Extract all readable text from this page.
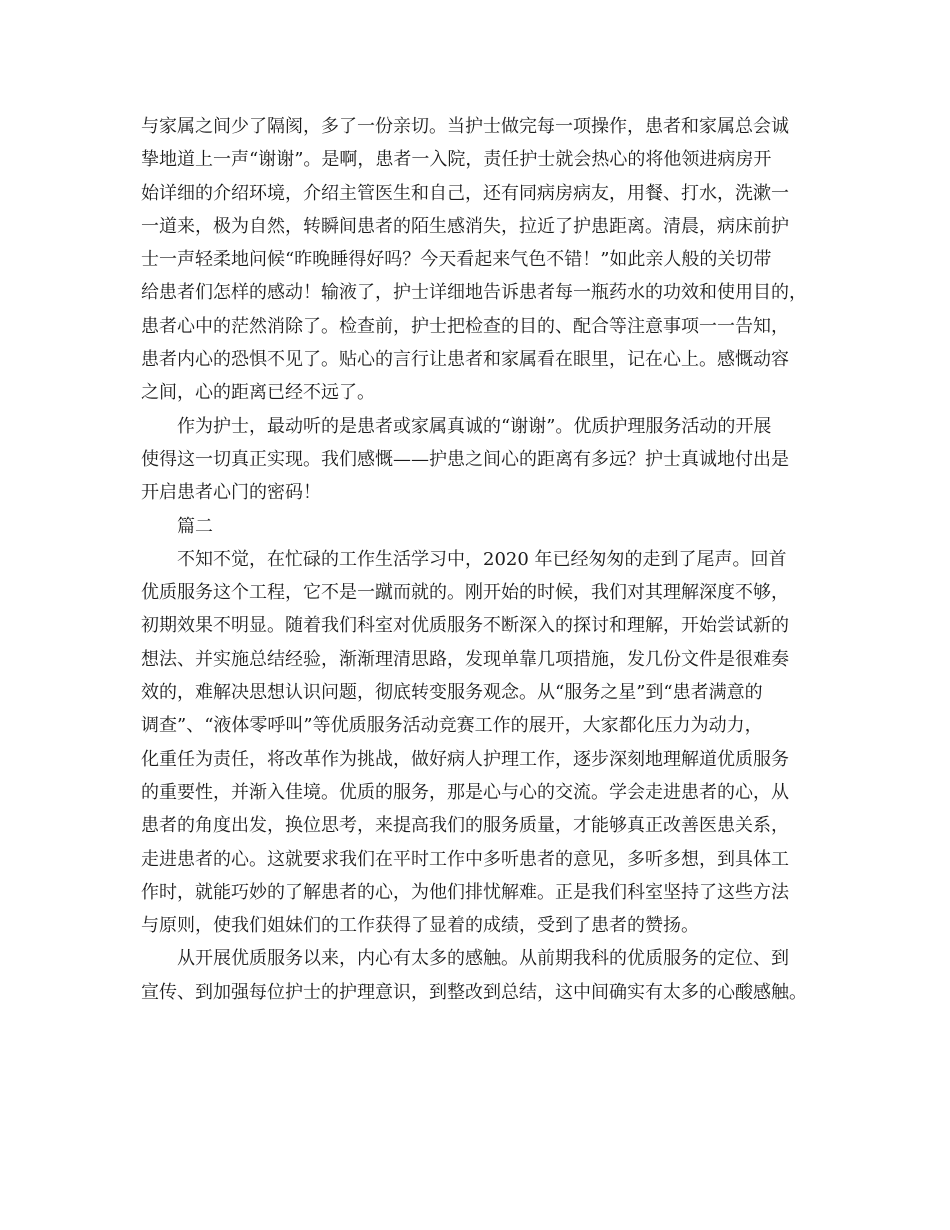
与家属之间少了隔阂，多了一份亲切。当护士做完每一项操作，患者和家属总会诚
挚地道上一声“谢谢”。是啊，患者一入院，责任护士就会热心的将他领进病房开
始详细的介绍环境，介绍主管医生和自己，还有同病房病友，用餐、打水，洗漱一
一道来，极为自然，转瞬间患者的陌生感消失，拉近了护患距离。清晨，病床前护
士一声轻柔地问候“昨晚睡得好吗？今天看起来气色不错！”如此亲人般的关切带
给患者们怎样的感动！输液了，护士详细地告诉患者每一瓶药水的功效和使用目的，
患者心中的茫然消除了。检查前，护士把检查的目的、配合等注意事项一一告知，
患者内心的恐惧不见了。贴心的言行让患者和家属看在眼里，记在心上。感慨动容
之间，心的距离已经不远了。
作为护士，最动听的是患者或家属真诚的“谢谢”。优质护理服务活动的开展
使得这一切真正实现。我们感慨——护患之间心的距离有多远？护士真诚地付出是
开启患者心门的密码！
篇二
不知不觉，在忙碌的工作生活学习中，2020 年已经匆匆的走到了尾声。回首
优质服务这个工程，它不是一蹴而就的。刚开始的时候，我们对其理解深度不够，
初期效果不明显。随着我们科室对优质服务不断深入的探讨和理解，开始尝试新的
想法、并实施总结经验，渐渐理清思路，发现单靠几项措施，发几份文件是很难奏
效的，难解决思想认识问题，彻底转变服务观念。从“服务之星”到“患者满意的
调查”、“液体零呼叫”等优质服务活动竞赛工作的展开，大家都化压力为动力，
化重任为责任，将改革作为挑战，做好病人护理工作，逐步深刻地理解道优质服务
的重要性，并渐入佳境。优质的服务，那是心与心的交流。学会走进患者的心，从
患者的角度出发，换位思考，来提高我们的服务质量，才能够真正改善医患关系，
走进患者的心。这就要求我们在平时工作中多听患者的意见，多听多想，到具体工
作时，就能巧妙的了解患者的心，为他们排忧解难。正是我们科室坚持了这些方法
与原则，使我们姐妹们的工作获得了显着的成绩，受到了患者的赞扬。
从开展优质服务以来，内心有太多的感触。从前期我科的优质服务的定位、到
宣传、到加强每位护士的护理意识，到整改到总结，这中间确实有太多的心酸感触。
